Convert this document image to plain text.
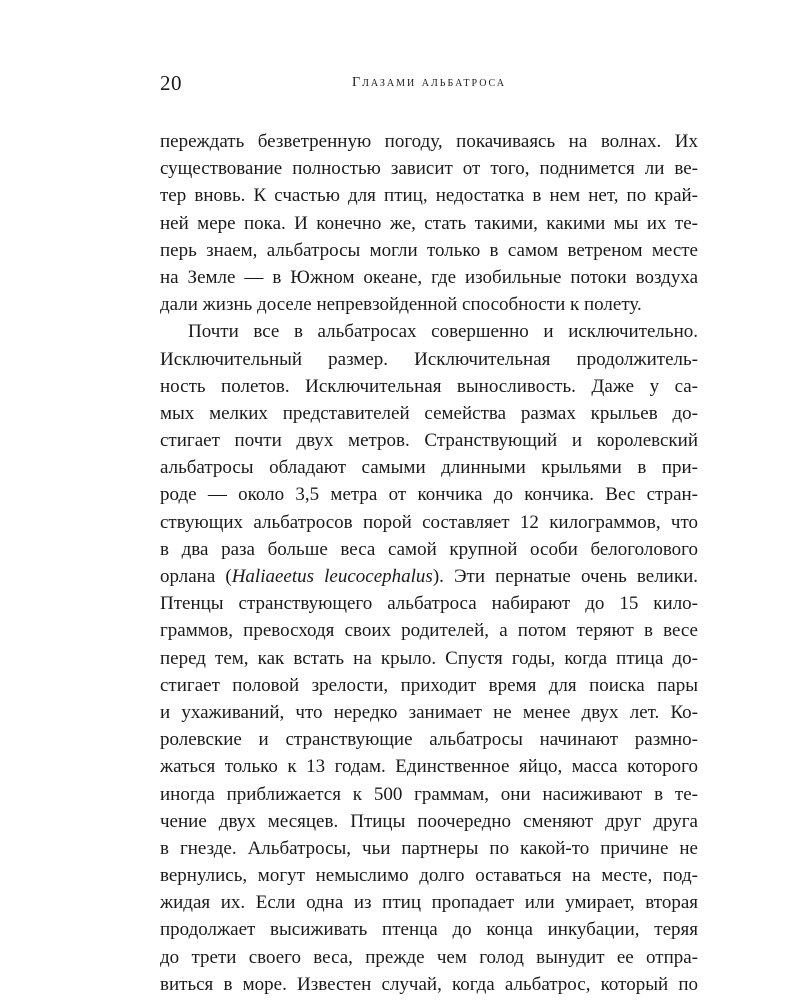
20	Глазами альбатроса
переждать безветренную погоду, покачиваясь на волнах. Их
существование полностью зависит от того, поднимется ли ве-
тер вновь. К счастью для птиц, недостатка в нем нет, по край-
ней мере пока. И конечно же, стать такими, какими мы их те-
перь знаем, альбатросы могли только в самом ветреном месте
на Земле — в Южном океане, где изобильные потоки воздуха
дали жизнь доселе непревзойденной способности к полету.
Почти все в альбатросах совершенно и исключительно.
Исключительный размер. Исключительная продолжитель-
ность полетов. Исключительная выносливость. Даже у са-
мых мелких представителей семейства размах крыльев до-
стигает почти двух метров. Странствующий и королевский
альбатросы обладают самыми длинными крыльями в при-
роде — около 3,5 метра от кончика до кончика. Вес стран-
ствующих альбатросов порой составляет 12 килограммов, что
в два раза больше веса самой крупной особи белоголового
орлана (Haliaeetus leucocephalus). Эти пернатые очень велики.
Птенцы странствующего альбатроса набирают до 15 кило-
граммов, превосходя своих родителей, а потом теряют в весе
перед тем, как встать на крыло. Спустя годы, когда птица до-
стигает половой зрелости, приходит время для поиска пары
и ухаживаний, что нередко занимает не менее двух лет. Ко-
ролевские и странствующие альбатросы начинают размно-
жаться только к 13 годам. Единственное яйцо, масса которого
иногда приближается к 500 граммам, они насиживают в те-
чение двух месяцев. Птицы поочередно сменяют друг друга
в гнезде. Альбатросы, чьи партнеры по какой-то причине не
вернулись, могут немыслимо долго оставаться на месте, под-
жидая их. Если одна из птиц пропадает или умирает, вторая
продолжает высиживать птенца до конца инкубации, теряя
до трети своего веса, прежде чем голод вынудит ее отпра-
виться в море. Известен случай, когда альбатрос, который по
